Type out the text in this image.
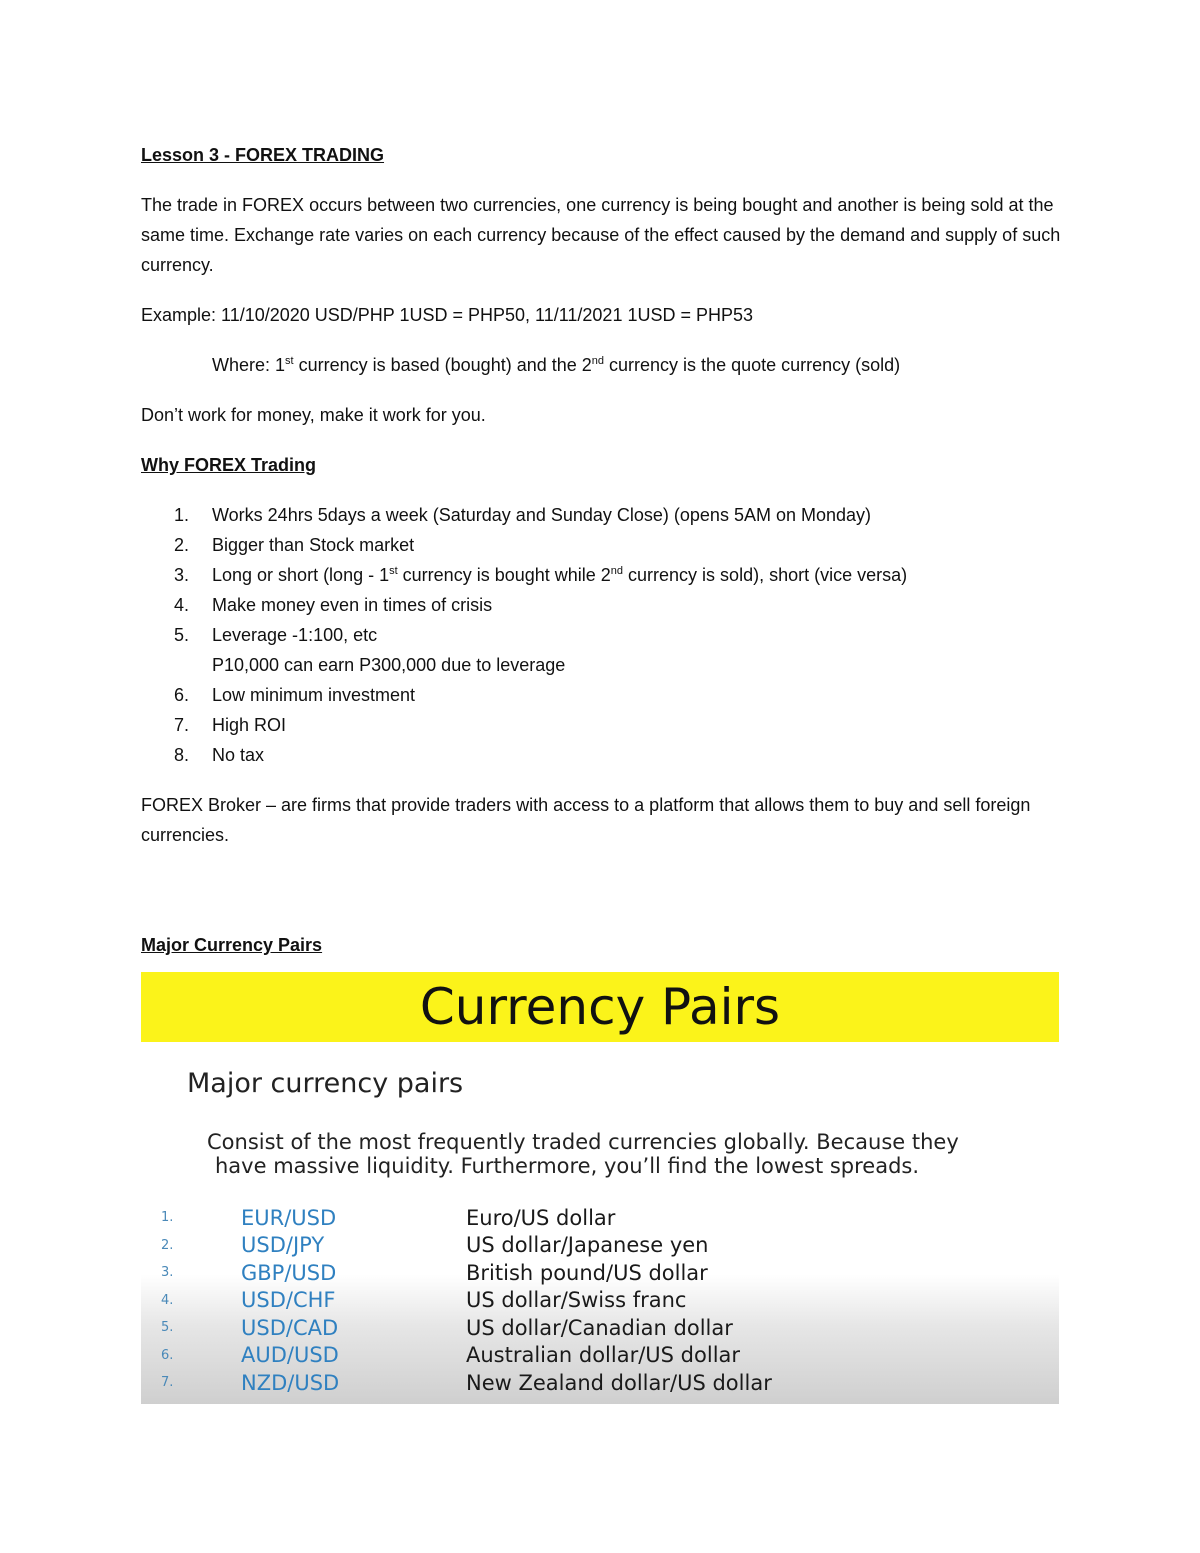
Lesson 3 - FOREX TRADING

The trade in FOREX occurs between two currencies, one currency is being bought and another is being sold at the same time. Exchange rate varies on each currency because of the effect caused by the demand and supply of such currency.

Example: 11/10/2020 USD/PHP 1USD = PHP50, 11/11/2021 1USD = PHP53

Where: 1st currency is based (bought) and the 2nd currency is the quote currency (sold)

Don’t work for money, make it work for you.

Why FOREX Trading

1.	Works 24hrs 5days a week (Saturday and Sunday Close) (opens 5AM on Monday)
2.	Bigger than Stock market
3.	Long or short (long - 1st currency is bought while 2nd currency is sold), short (vice versa)
4.	Make money even in times of crisis
5.	Leverage -1:100, etc
P10,000 can earn P300,000 due to leverage
6.	Low minimum investment
7.	High ROI
8.	No tax

FOREX Broker – are firms that provide traders with access to a platform that allows them to buy and sell foreign currencies.

Major Currency Pairs

Currency Pairs
Major currency pairs
Consist of the most frequently traded currencies globally. Because they
have massive liquidity. Furthermore, you’ll find the lowest spreads.
1.	EUR/USD	Euro/US dollar
2.	USD/JPY	US dollar/Japanese yen
3.	GBP/USD	British pound/US dollar
4.	USD/CHF	US dollar/Swiss franc
5.	USD/CAD	US dollar/Canadian dollar
6.	AUD/USD	Australian dollar/US dollar
7.	NZD/USD	New Zealand dollar/US dollar
